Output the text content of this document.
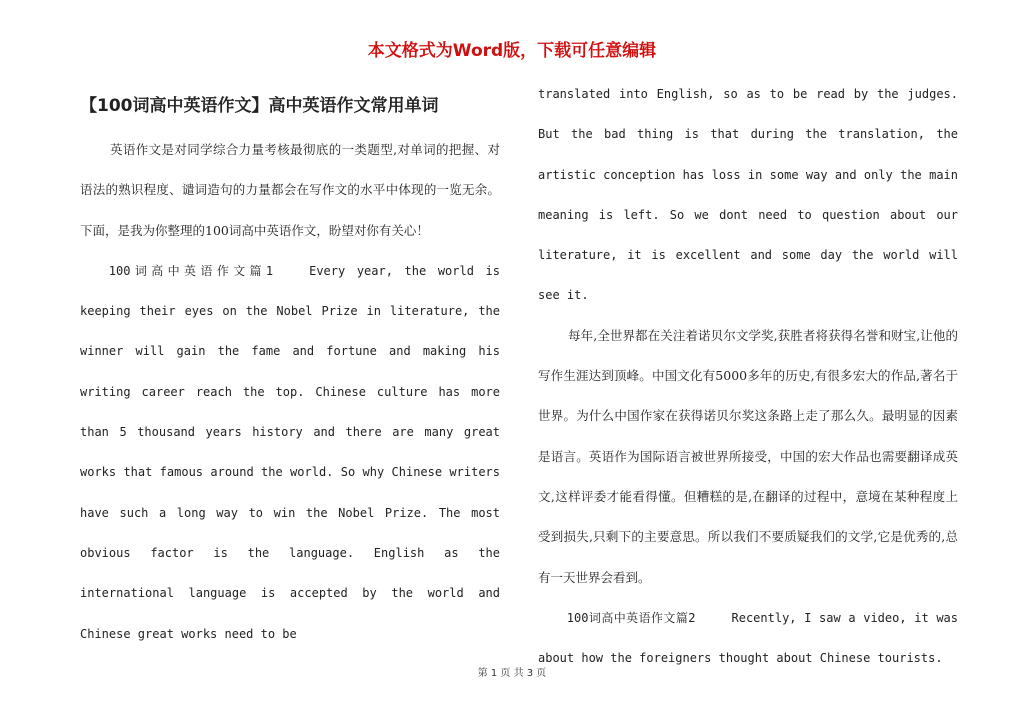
本文格式为Word版，下载可任意编辑
【100词高中英语作文】高中英语作文常用单词

英语作文是对同学综合力量考核最彻底的一类题型,对单词的把握、对语法的熟识程度、谴词造句的力量都会在写作文的水平中体现的一览无余。下面，是我为你整理的100词高中英语作文，盼望对你有关心！

100词高中英语作文篇1	Every year, the world is keeping their eyes on the Nobel Prize in literature, the winner will gain the fame and fortune and making his writing career reach the top. Chinese culture has more than 5 thousand years history and there are many great works that famous around the world. So why Chinese writers have such a long way to win the Nobel Prize. The most obvious factor is the language. English as the international language is accepted by the world and Chinese great works need to be

translated into English, so as to be read by the judges. But the bad thing is that during the translation, the artistic conception has loss in some way and only the main meaning is left. So we dont need to question about our literature, it is excellent and some day the world will see it.

每年,全世界都在关注着诺贝尔文学奖,获胜者将获得名誉和财宝,让他的写作生涯达到顶峰。中国文化有5000多年的历史,有很多宏大的作品,著名于世界。为什么中国作家在获得诺贝尔奖这条路上走了那么久。最明显的因素是语言。英语作为国际语言被世界所接受，中国的宏大作品也需要翻译成英文,这样评委才能看得懂。但糟糕的是,在翻译的过程中，意境在某种程度上受到损失,只剩下的主要意思。所以我们不要质疑我们的文学,它是优秀的,总有一天世界会看到。

100词高中英语作文篇2	Recently, I saw a video, it was about how the foreigners thought about Chinese tourists.

第 1 页 共 3 页
